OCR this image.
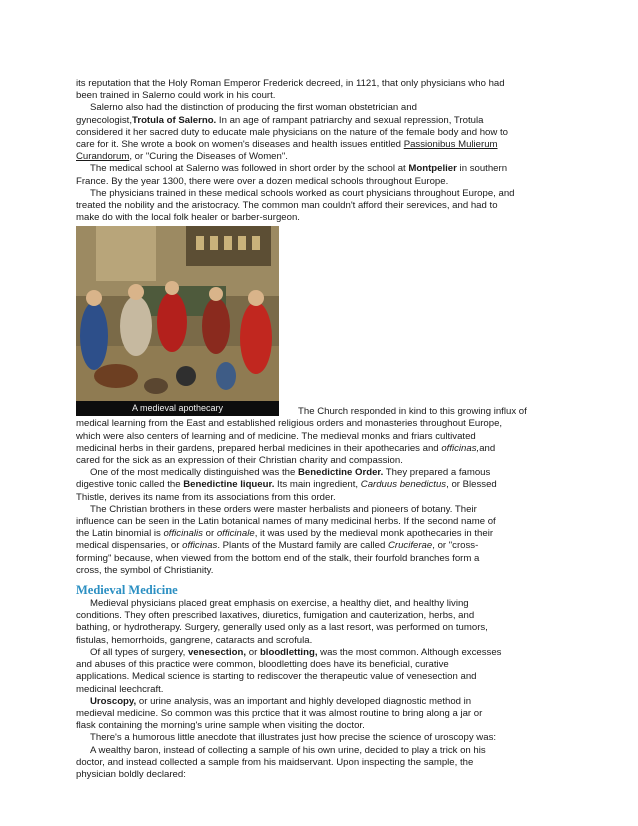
its reputation that the Holy Roman Emperor Frederick decreed, in 1121, that only physicians who had
been trained in Salerno could work in his court.

Salerno also had the distinction of producing the first woman obstetrician and
gynecologist,Trotula of Salerno. In an age of rampant patriarchy and sexual repression, Trotula
considered it her sacred duty to educate male physicians on the nature of the female body and how to
care for it. She wrote a book on women's diseases and health issues entitled Passionibus Mulierum
Curandorum, or "Curing the Diseases of Women".

The medical school at Salerno was followed in short order by the school at Montpelier in southern
France. By the year 1300, there were over a dozen medical schools throughout Europe.

The physicians trained in these medical schools worked as court physicians throughout Europe, and
treated the nobility and the aristocracy. The common man couldn't afford their serevices, and had to
make do with the local folk healer or barber-surgeon.

A medieval apothecary	The Church responded in kind to this growing influx of

medical learning from the East and established religious orders and monasteries throughout Europe,
which were also centers of learning and of medicine. The medieval monks and friars cultivated
medicinal herbs in their gardens, prepared herbal medicines in their apothecaries and officinas,and
cared for the sick as an expression of their Christian charity and compassion.

One of the most medically distinguished was the Benedictine Order. They prepared a famous
digestive tonic called the Benedictine liqueur. Its main ingredient, Carduus benedictus, or Blessed
Thistle, derives its name from its associations from this order.

The Christian brothers in these orders were master herbalists and pioneers of botany. Their
influence can be seen in the Latin botanical names of many medicinal herbs. If the second name of
the Latin binomial is officinalis or officinale, it was used by the medieval monk apothecaries in their
medical dispensaries, or officinas. Plants of the Mustard family are called Cruciferae, or "cross-
forming" because, when viewed from the bottom end of the stalk, their fourfold branches form a
cross, the symbol of Christianity.

Medieval Medicine

Medieval physicians placed great emphasis on exercise, a healthy diet, and healthy living
conditions. They often prescribed laxatives, diuretics, fumigation and cauterization, herbs, and
bathing, or hydrotherapy. Surgery, generally used only as a last resort, was performed on tumors,
fistulas, hemorrhoids, gangrene, cataracts and scrofula.

Of all types of surgery, venesection, or bloodletting, was the most common. Although excesses
and abuses of this practice were common, bloodletting does have its beneficial, curative
applications. Medical science is starting to rediscover the therapeutic value of venesection and
medicinal leechcraft.

Uroscopy, or urine analysis, was an important and highly developed diagnostic method in
medieval medicine. So common was this prctice that it was almost routine to bring along a jar or
flask containing the morning's urine sample when visiting the doctor.

There's a humorous little anecdote that illustrates just how precise the science of uroscopy was:

A wealthy baron, instead of collecting a sample of his own urine, decided to play a trick on his
doctor, and instead collected a sample from his maidservant. Upon inspecting the sample, the
physician boldly declared:
